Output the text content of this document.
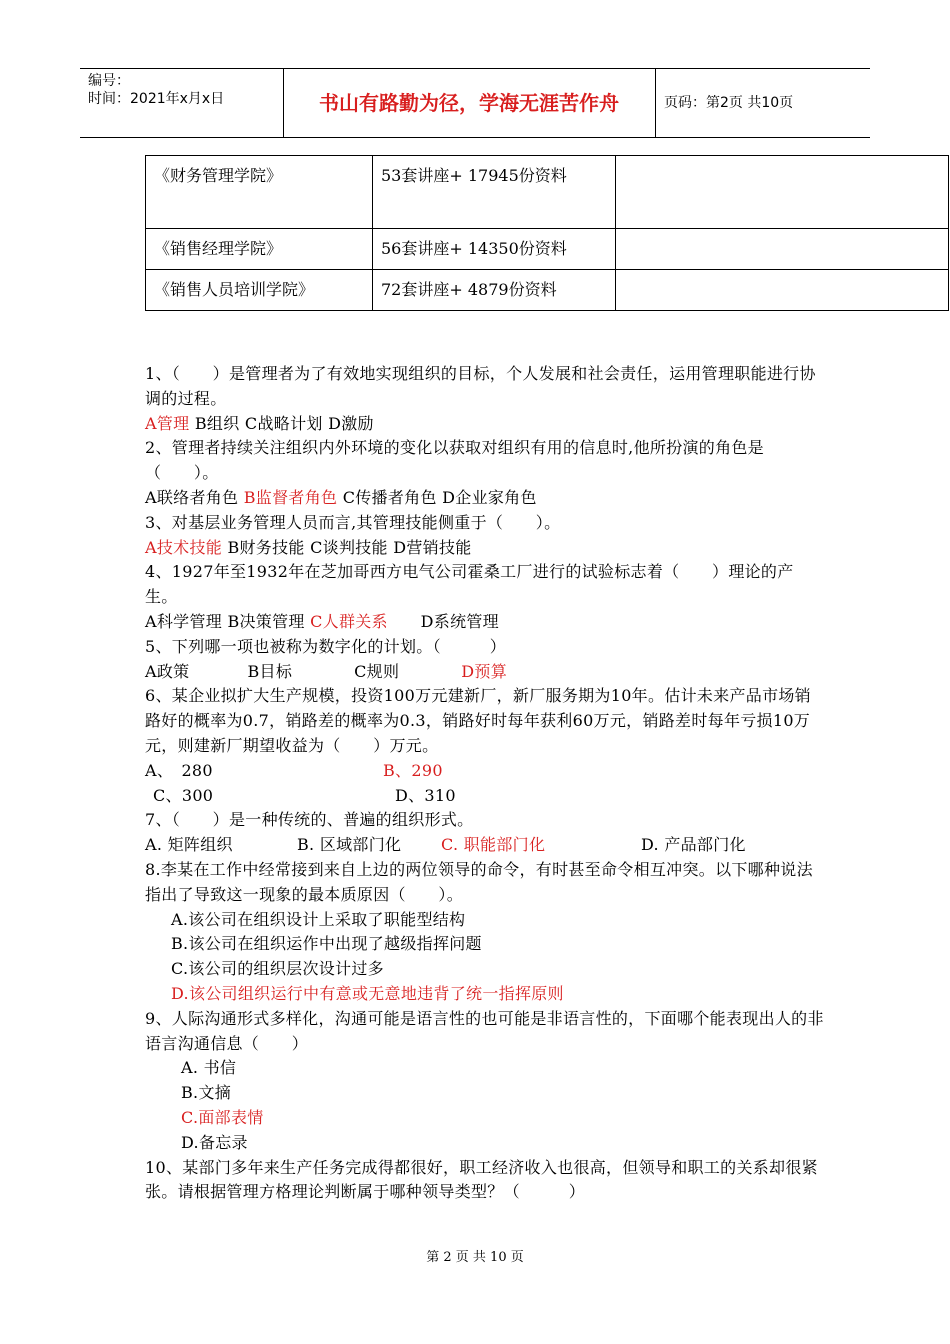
编号：
时间：2021年x月x日	书山有路勤为径，学海无涯苦作舟	页码：第2页 共10页
《财务管理学院》	53套讲座+ 17945份资料	
《销售经理学院》	56套讲座+ 14350份资料	
《销售人员培训学院》	72套讲座+ 4879份资料	

1、（　　）是管理者为了有效地实现组织的目标，个人发展和社会责任，运用管理职能进行协调的过程。

A管理 B组织 C战略计划 D激励

2、管理者持续关注组织内外环境的变化以获取对组织有用的信息时,他所扮演的角色是（　　）。

A联络者角色 B监督者角色 C传播者角色 D企业家角色

3、对基层业务管理人员而言,其管理技能侧重于（　　）。

A技术技能 B财务技能 C谈判技能 D营销技能

4、1927年至1932年在芝加哥西方电气公司霍桑工厂进行的试验标志着（　　）理论的产生。

A科学管理 B决策管理 C人群关系 D系统管理

5、下列哪一项也被称为数字化的计划。（　　　）

A政策	B目标	C规则	D预算

6、某企业拟扩大生产规模，投资100万元建新厂，新厂服务期为10年。估计未来产品市场销路好的概率为0.7，销路差的概率为0.3，销路好时每年获利60万元，销路差时每年亏损10万元，则建新厂期望收益为（　　）万元。

A、　280	B、290

C、300	D、310

7、（　　）是一种传统的、普遍的组织形式。

A. 矩阵组织	B. 区域部门化 C. 职能部门化	D. 产品部门化

8.李某在工作中经常接到来自上边的两位领导的命令，有时甚至命令相互冲突。以下哪种说法指出了导致这一现象的最本质原因（　　）。

A.该公司在组织设计上采取了职能型结构

B.该公司在组织运作中出现了越级指挥问题

C.该公司的组织层次设计过多

D.该公司组织运行中有意或无意地违背了统一指挥原则

9、人际沟通形式多样化，沟通可能是语言性的也可能是非语言性的，下面哪个能表现出人的非语言沟通信息（　　）

A. 书信

B.文摘

C.面部表情

D.备忘录

10、某部门多年来生产任务完成得都很好，职工经济收入也很高，但领导和职工的关系却很紧张。请根据管理方格理论判断属于哪种领导类型？（　　　）

第 2 页 共 10 页
